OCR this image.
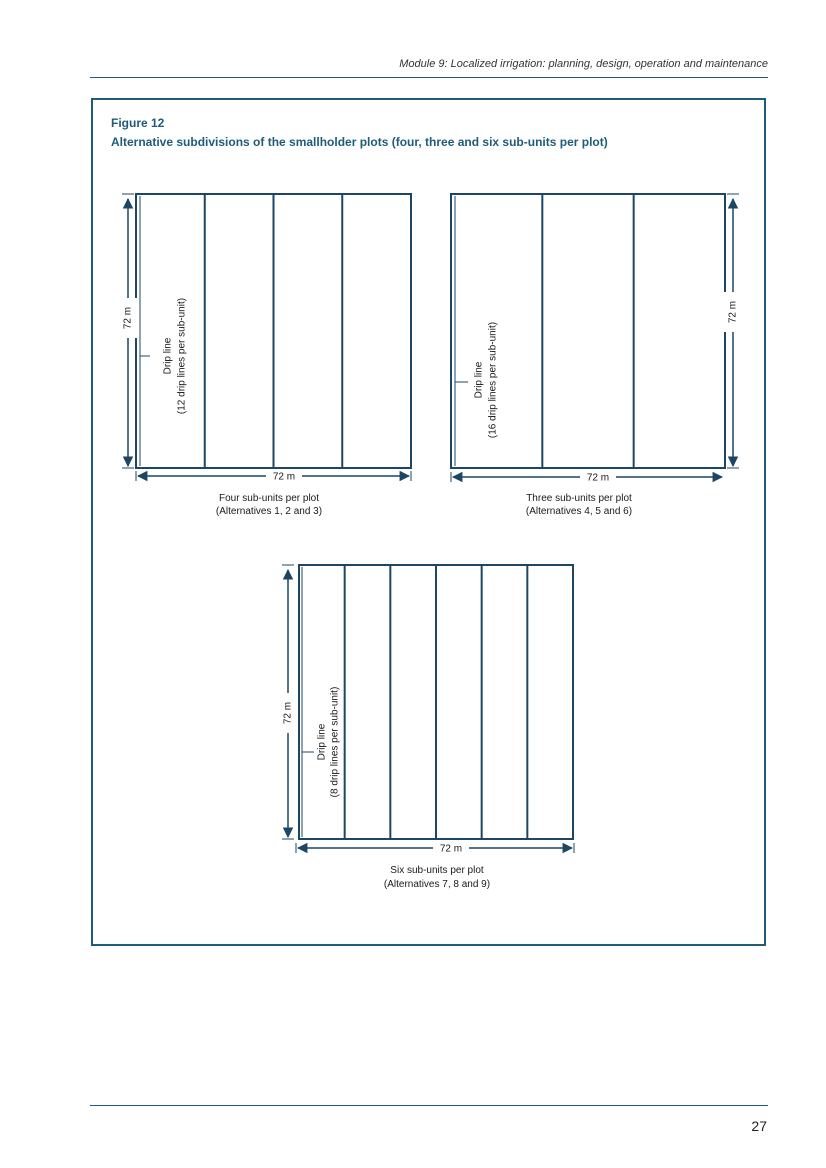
Module 9: Localized irrigation: planning, design, operation and maintenance
Figure 12
Alternative subdivisions of the smallholder plots (four, three and six sub-units per plot)
72 m
72 m
Drip line (12 drip lines per sub-unit)
Four sub-units per plot
(Alternatives 1, 2 and 3)
72 m
72 m
Drip line (16 drip lines per sub-unit)
Three sub-units per plot
(Alternatives 4, 5 and 6)
72 m
72 m
Drip line (8 drip lines per sub-unit)
Six sub-units per plot
(Alternatives 7, 8 and 9)
27
